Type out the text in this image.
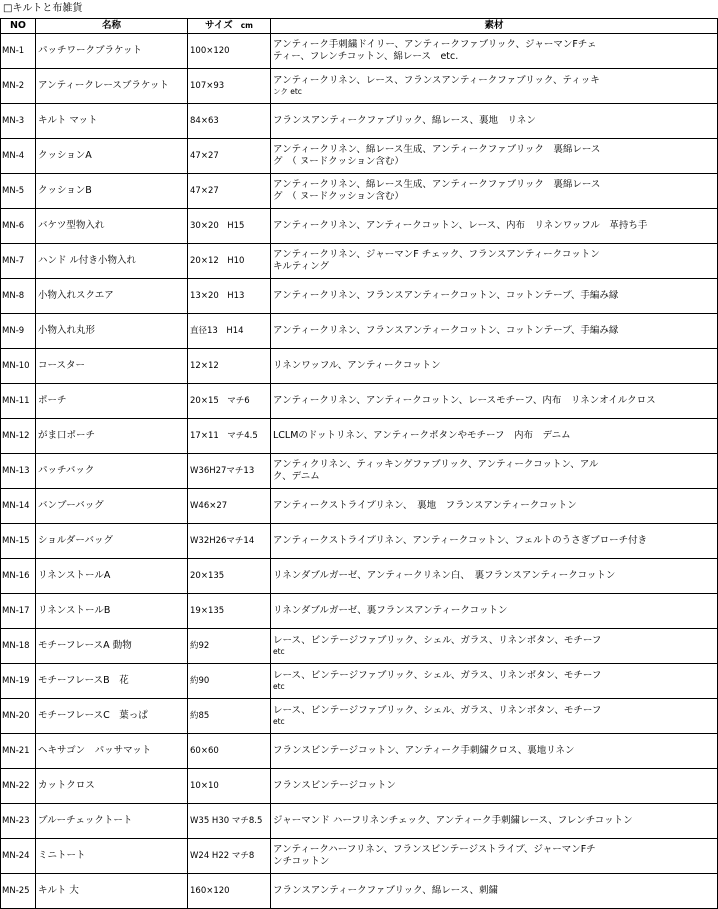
□キルトと布雑貨
NO	名称	サイズ cm	素材
MN-1	パッチワークブラケット	100×120	アンティーク手刺繍ドイリー、アンティークファブリック、ジャーマンFチェ
ティー、フレンチコットン、綿レース　etc.

MN-2	アンティークレースブラケット	107×93	アンティークリネン、レース、フランスアンティークファブリック、ティッキ
ンク etc

MN-3	キルト マット	84×63	フランスアンティークファブリック、綿レース、裏地　リネン

MN-4	クッションA	47×27	アンティークリネン、綿レース生成、アンティークファブリック　裏綿レース
グ　（ ヌードクッション含む）

MN-5	クッションB	47×27	アンティークリネン、綿レース生成、アンティークファブリック　裏綿レース
グ　（ ヌードクッション含む）

MN-6	バケツ型物入れ	30×20　H15	アンティークリネン、アンティークコットン、レース、内布　リネンワッフル　革持ち手

MN-7	ハンド ル付き小物入れ	20×12　H10	アンティークリネン、ジャーマンF チェック、フランスアンティークコットン
キルティング

MN-8	小物入れスクエア	13×20　H13	アンティークリネン、フランスアンティークコットン、コットンテープ、手編み縁

MN-9	小物入れ丸形	直径13　H14	アンティークリネン、フランスアンティークコットン、コットンテープ、手編み縁

MN-10	コースター	12×12	リネンワッフル、アンティークコットン

MN-11	ポーチ	20×15　マチ6	アンティークリネン、アンティークコットン、レースモチーフ、内布　リネンオイルクロス

MN-12	がま口ポーチ	17×11　マチ4.5	LCLMのドットリネン、アンティークボタンやモチーフ　内布　デニム

MN-13	パッチバック	W36H27マチ13	アンティクリネン、ティッキングファブリック、アンティークコットン、アル
ク、デニム

MN-14	バンブーバッグ	W46×27	アンティークストライプリネン、　裏地　フランスアンティークコットン

MN-15	ショルダーバッグ	W32H26マチ14	アンティークストライプリネン、アンティークコットン、フェルトのうさぎブローチ付き

MN-16	リネンストールA	20×135	リネンダブルガーゼ、アンティークリネン白、　裏フランスアンティークコットン

MN-17	リネンストールB	19×135	リネンダブルガーゼ、裏フランスアンティークコットン

MN-18	モチーフレースA 動物	約92	レース、ビンテージファブリック、シェル、ガラス、リネンボタン、モチーフ
etc

MN-19	モチーフレースB　花	約90	レース、ビンテージファブリック、シェル、ガラス、リネンボタン、モチーフ
etc

MN-20	モチーフレースC　葉っぱ	約85	レース、ビンテージファブリック、シェル、ガラス、リネンボタン、モチーフ
etc

MN-21	ヘキサゴン　パッサマット	60×60	フランスビンテージコットン、アンティーク手刺繍クロス、裏地リネン

MN-22	カットクロス	10×10	フランスビンテージコットン

MN-23	ブルーチェックトート	W35 H30 マチ8.5	ジャーマンド ハーフリネンチェック、アンティーク手刺繍レース、フレンチコットン

MN-24	ミニトート	W24 H22 マチ8	アンティークハーフリネン、フランスビンテージストライプ、ジャーマンFチ
ンチコットン

MN-25	キルト 大	160×120	フランスアンティークファブリック、綿レース、刺繍
